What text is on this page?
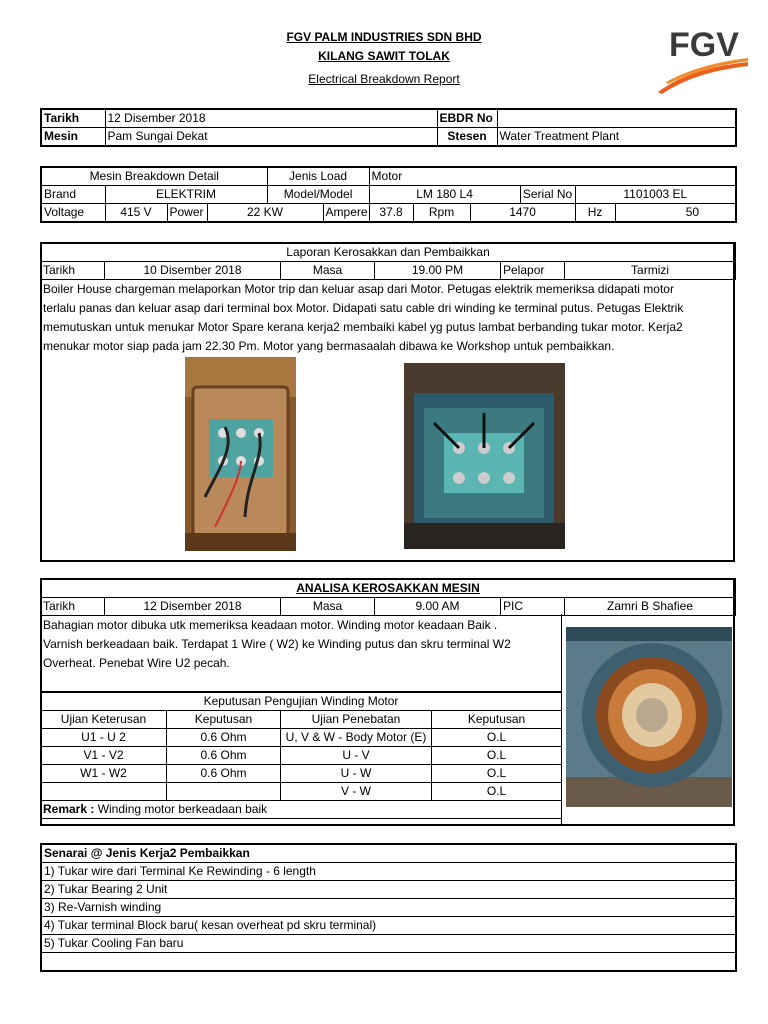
FGV PALM INDUSTRIES SDN BHD
KILANG SAWIT TOLAK
Electrical Breakdown Report
FGV
Tarikh	12 Disember 2018	EBDR No	
Mesin	Pam Sungai Dekat	Stesen	Water Treatment Plant
Mesin Breakdown Detail				Jenis Load		Motor					
Brand	ELEKTRIM			Model/Model		LM 180 L4			Serial No	1101003 EL	
Voltage	415 V	Power	22 KW		Ampere	37.8	Rpm	1470		Hz	50
Laporan Kerosakkan dan Pembaikkan
Tarikh	10 Disember 2018	Masa	19.00 PM	Pelapor	Tarmizi
Boiler House chargeman melaporkan Motor trip dan keluar asap dari Motor. Petugas elektrik memeriksa didapati motor
terlalu panas dan keluar asap dari terminal box Motor. Didapati satu cable dri winding ke terminal putus. Petugas Elektrik
memutuskan untuk menukar Motor Spare kerana kerja2 membaiki kabel yg putus lambat berbanding tukar motor. Kerja2
menukar motor siap pada jam 22.30 Pm. Motor yang bermasaalah dibawa ke Workshop untuk pembaikkan.
ANALISA KEROSAKKAN MESIN
Tarikh	12 Disember 2018	Masa	9.00 AM	PIC	Zamri B Shafiee
Bahagian motor dibuka utk memeriksa keadaan motor. Winding motor keadaan Baik .
Varnish berkeadaan baik. Terdapat 1 Wire ( W2) ke Winding putus dan skru terminal W2
Overheat. Penebat Wire U2 pecah.
Keputusan Pengujian Winding Motor			
Ujian Keterusan	Keputusan	Ujian Penebatan	Keputusan
U1 - U 2	0.6 Ohm	U, V & W - Body Motor (E)	O.L
V1 - V2	0.6 Ohm	U - V	O.L
W1 - W2	0.6 Ohm	U - W	O.L
		V - W	O.L
Remark : Winding motor berkeadaan baik			
Senarai @ Jenis Kerja2 Pembaikkan
1) Tukar wire dari Terminal Ke Rewinding - 6 length
2) Tukar Bearing 2 Unit
3) Re-Varnish winding
4) Tukar terminal Block baru( kesan overheat pd skru terminal)
5) Tukar Cooling Fan baru
